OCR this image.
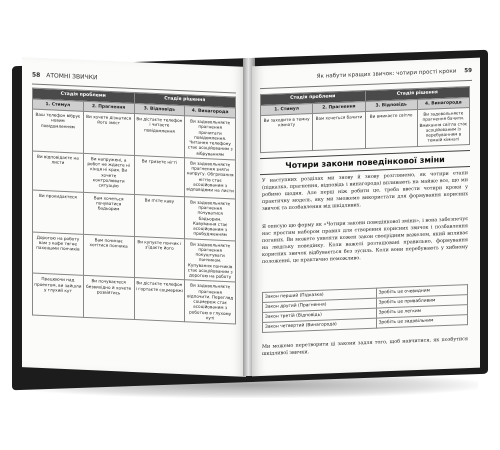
58 АТОМНІ ЗВИЧКИ
Стадія проблеми		Стадія рішення	
1. Стимул	2. Прагнення	3. Відповідь	4. Винагорода
Ваш телефон вібрує новим повідомленням	Ви хочете дізнатися його зміст	Ви дістаєте телефон і читаєте повідомлення	Ви задовольняєте прагнення прочитати повідомлення. Читання телефону стає асоційованим з вібруванням
Ви відповідаєте на листи	Ви напружені, а робот не ждаєте ні кінця ні края. Ви хочете контролювати ситуацію	Ви гризете нігті	Ви задовольняєте прагнення зняти напругу. Обгризання нігтів стає асоційованим з відповідями на листи
Ви прокидаєтеся	Вам хочеться почуватися бадьорим	Ви п'єте каву	Ви задовольняєте прагнення почуватися бадьорим. Кавування стає асоційованим з пробудженням
Дорогою на роботу вам з кафе тягне пахощами пончиків	Вам починає хотітися пончика	Ви купуєте пончик і з'їдаєте його	Ви задовольняєте прагнення покуштувати пончиком. Купування пончиків стає асоційованим з дорогою на роботу
Працюючи над проектом, ви зайшли у глухий кут	Ви почуваєтеся безвихідно й хочете розвіятись	Ви дістаєте телефон і гортаєте соцмережі	Ви задовольняєте прагнення відпочити. Перегляд соцмереж стає асоційованим з роботою в глухому куті
Як набути кращих звичок: чотири прості кроки 59
Стадія проблеми		Стадія рішення	
1. Стимул	2. Прагнення	3. Відповідь	4. Винагорода
Ви заходите в темну кімнату	Вам хочеться бачити	Ви вмикаєте світло	Ви задовольняєте прагнення бачити. Вмикання світла стає асоційованим із перебуванням в темній кімнаті
Чотири закони поведінкової зміни

У наступних розділах ми знову й знову розглянемо, як чотири етапи (підказка, прагнення, відповідь і винагорода) впливають на майже все, що ми робимо щодня. Але перш ніж робити це, треба ввести чотири кроки у практичну модель, яку ми зможемо використати для формування корисних звичок та позбавлення від шкідливих.

Я описую цю форму як «Чотири закони поведінкової зміни», і вона забезпечує нас простим набором правил для створення корисних звичок і позбавлення поганих. Ви можете уявляти кожен закон своєрідним важелем, який впливає на людську поведінку. Коли важелі розташовані правильно, формування корисних звичок відбувається без зусиль. Коли вони перебувають у хибному положенні, це практично неможливо.

Закон перший (Підказка)	Зробіть це очевидним
Закон другий (Прагнення)	Зробіть це привабливим
Закон третій (Відповідь)	Зробіть це легким
Закон четвертий (Винагорода)	Зробіть це задовільним

Ми можемо перетворити ці закони задля того, щоб навчитися, як позбутися шкідливої звички.
